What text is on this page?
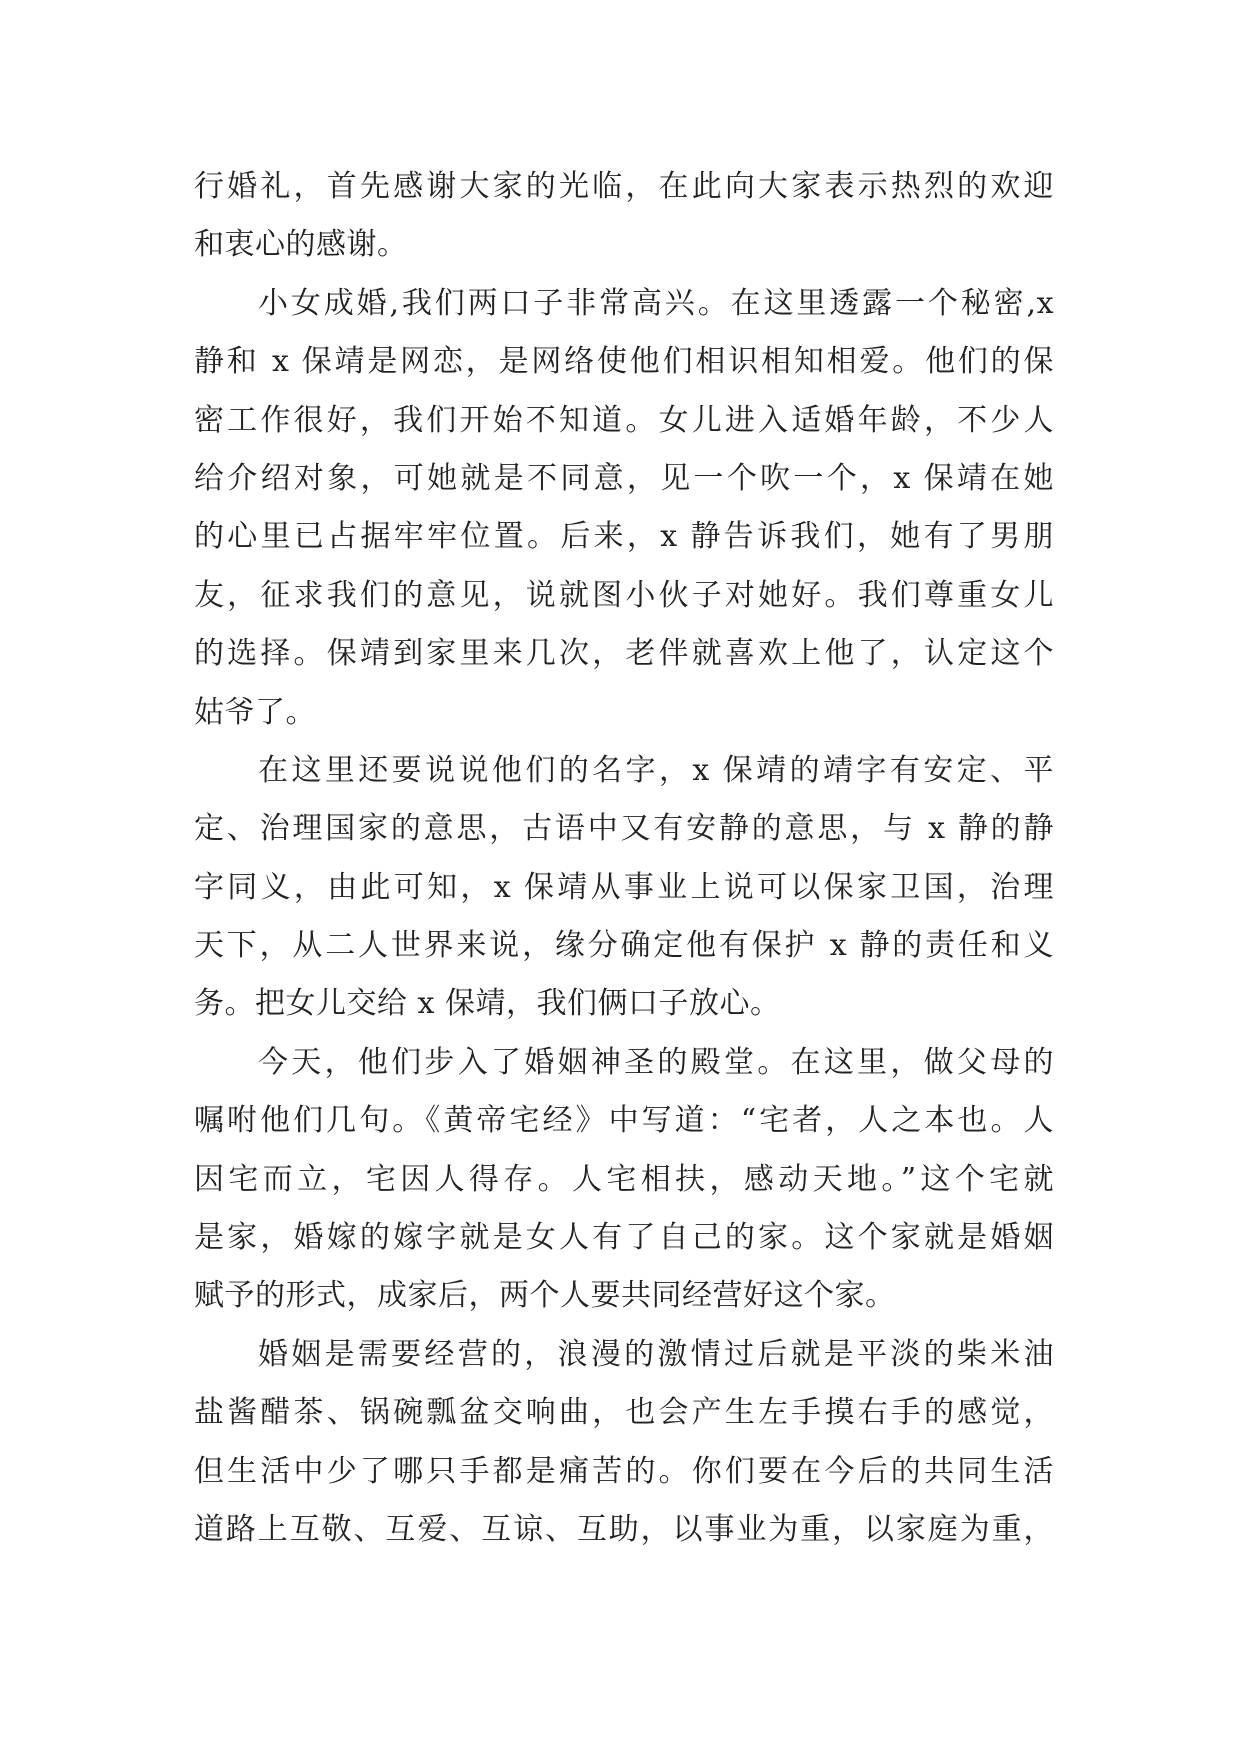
行婚礼，首先感谢大家的光临，在此向大家表示热烈的欢迎
和衷心的感谢。
小女成婚,我们两口子非常高兴。在这里透露一个秘密,x
静和 x 保靖是网恋，是网络使他们相识相知相爱。他们的保
密工作很好，我们开始不知道。女儿进入适婚年龄，不少人
给介绍对象，可她就是不同意，见一个吹一个，x 保靖在她
的心里已占据牢牢位置。后来，x 静告诉我们，她有了男朋
友，征求我们的意见，说就图小伙子对她好。我们尊重女儿
的选择。保靖到家里来几次，老伴就喜欢上他了，认定这个
姑爷了。
在这里还要说说他们的名字，x 保靖的靖字有安定、平
定、治理国家的意思，古语中又有安静的意思，与 x 静的静
字同义，由此可知，x 保靖从事业上说可以保家卫国，治理
天下，从二人世界来说，缘分确定他有保护 x 静的责任和义
务。把女儿交给 x 保靖，我们俩口子放心。
今天，他们步入了婚姻神圣的殿堂。在这里，做父母的
嘱咐他们几句。《黄帝宅经》中写道：“宅者，人之本也。人
因宅而立，宅因人得存。人宅相扶，感动天地。”这个宅就
是家，婚嫁的嫁字就是女人有了自己的家。这个家就是婚姻
赋予的形式，成家后，两个人要共同经营好这个家。
婚姻是需要经营的，浪漫的激情过后就是平淡的柴米油
盐酱醋茶、锅碗瓢盆交响曲，也会产生左手摸右手的感觉，
但生活中少了哪只手都是痛苦的。你们要在今后的共同生活
道路上互敬、互爱、互谅、互助，以事业为重，以家庭为重，
